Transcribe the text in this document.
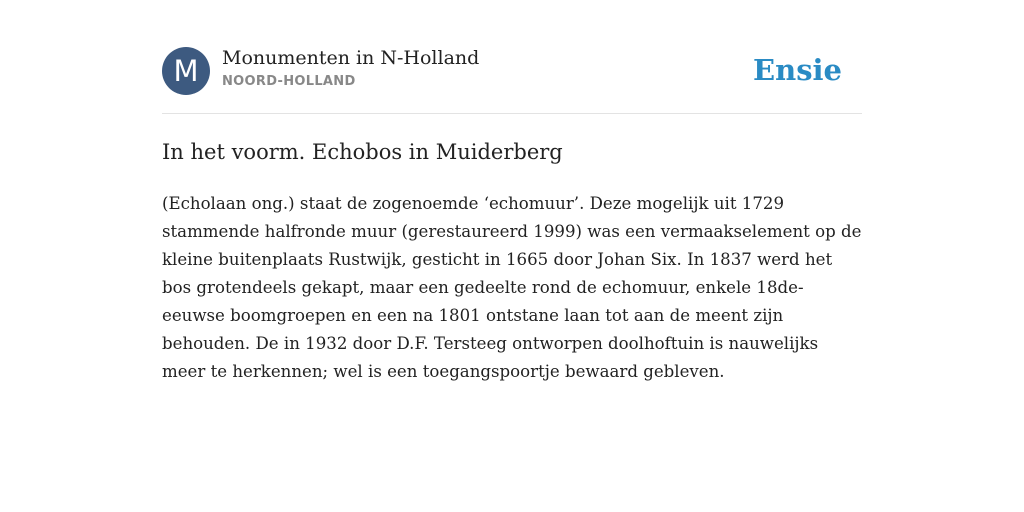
M	Monumenten in N-Holland
NOORD-HOLLAND	Ensie
In het voorm. Echobos in Muiderberg

(Echolaan ong.) staat de zogenoemde ‘echomuur’. Deze mogelijk uit 1729 stammende halfronde muur (gerestaureerd 1999) was een vermaakselement op de kleine buitenplaats Rustwijk, gesticht in 1665 door Johan Six. In 1837 werd het bos grotendeels gekapt, maar een gedeelte rond de echomuur, enkele 18de-eeuwse boomgroepen en een na 1801 ontstane laan tot aan de meent zijn behouden. De in 1932 door D.F. Tersteeg ontworpen doolhoftuin is nauwelijks meer te herkennen; wel is een toegangspoortje bewaard gebleven.
